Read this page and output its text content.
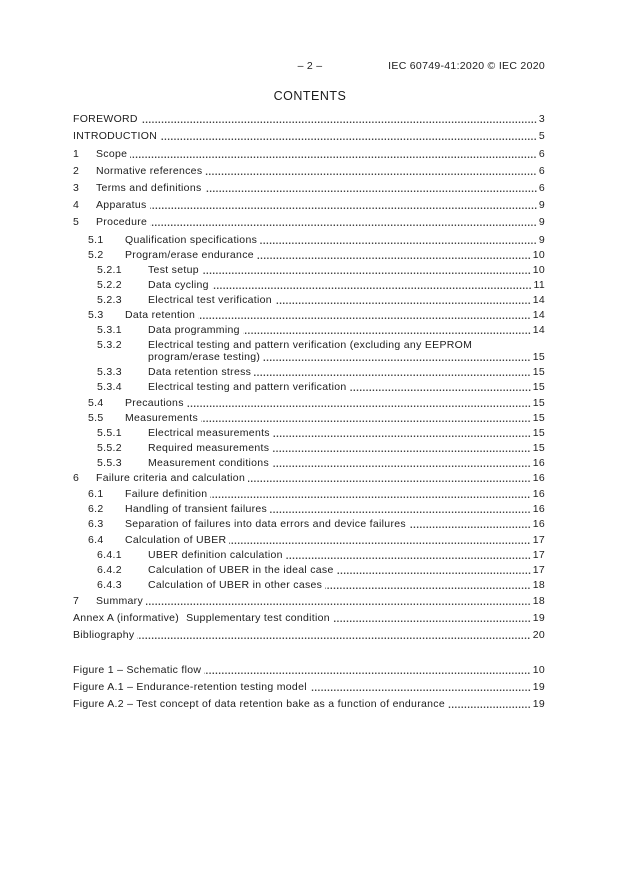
– 2 –	IEC 60749-41:2020 © IEC 2020
CONTENTS
FOREWORD	3
INTRODUCTION	5
1	Scope	6
2	Normative references	6
3	Terms and definitions	6
4	Apparatus	9
5	Procedure	9
5.1	Qualification specifications	9
5.2	Program/erase endurance	10
5.2.1	Test setup	10
5.2.2	Data cycling	11
5.2.3	Electrical test verification	14
5.3	Data retention	14
5.3.1	Data programming	14
5.3.2	Electrical testing and pattern verification (excluding any EEPROM
program/erase testing)	15
5.3.3	Data retention stress	15
5.3.4	Electrical testing and pattern verification	15
5.4	Precautions	15
5.5	Measurements	15
5.5.1	Electrical measurements	15
5.5.2	Required measurements	15
5.5.3	Measurement conditions	16
6	Failure criteria and calculation	16
6.1	Failure definition	16
6.2	Handling of transient failures	16
6.3	Separation of failures into data errors and device failures	16
6.4	Calculation of UBER	17
6.4.1	UBER definition calculation	17
6.4.2	Calculation of UBER in the ideal case	17
6.4.3	Calculation of UBER in other cases	18
7	Summary	18
Annex A (informative) Supplementary test condition	19
Bibliography	20
Figure 1 – Schematic flow	10
Figure A.1 – Endurance-retention testing model	19
Figure A.2 – Test concept of data retention bake as a function of endurance	19
